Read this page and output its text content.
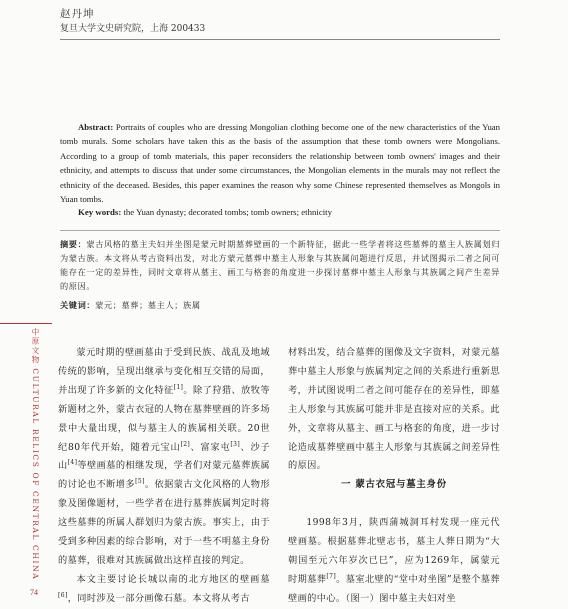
赵丹坤
复旦大学文史研究院，上海 200433

Abstract: Portraits of couples who are dressing Mongolian clothing become one of the new characteristics of the Yuan tomb murals. Some scholars have taken this as the basis of the assumption that these tomb owners were Mongolians. According to a group of tomb materials, this paper reconsiders the relationship between tomb owners' images and their ethnicity, and attempts to discuss that under some circumstances, the Mongolian elements in the murals may not reflect the ethnicity of the deceased. Besides, this paper examines the reason why some Chinese represented themselves as Mongols in Yuan tombs.

Key words: the Yuan dynasty; decorated tombs; tomb owners; ethnicity
摘要：蒙古风格的墓主夫妇并坐图是蒙元时期墓葬壁画的一个新特征，据此一些学者将这些墓葬的墓主人族属划归为蒙古族。本文将从考古资料出发，对北方蒙元墓葬中墓主人形象与其族属问题进行反思，并试图揭示二者之间可能存在一定的差异性，同时文章将从墓主、画工与格套的角度进一步探讨墓葬中墓主人形象与其族属之间产生差异的原因。
关键词：蒙元；墓葬；墓主人；族属
中原文物 CULTURAL RELICS OF CENTRAL CHINA
74

蒙元时期的壁画墓由于受到民族、战乱及地域传统的影响，呈现出继承与变化相互交错的局面，并出现了许多新的文化特征[1]。除了狩猎、放牧等新题材之外，蒙古衣冠的人物在墓葬壁画的许多场景中大量出现，似与墓主人的族属相关联。20世纪80年代开始，随着元宝山[2]、富家屯[3]、沙子山[4]等壁画墓的相继发现，学者们对蒙元墓葬族属的讨论也不断增多[5]。依据蒙古文化风格的人物形象及图像题材，一些学者在进行墓葬族属判定时将这些墓葬的所属人群划归为蒙古族。事实上，由于受到多种因素的综合影响，对于一些不明墓主身份的墓葬，很难对其族属做出这样直接的判定。

本文主要讨论长城以南的北方地区的壁画墓[6]，同时涉及一部分画像石墓。本文将从考古

材料出发，结合墓葬的图像及文字资料，对蒙元墓葬中墓主人形象与族属判定之间的关系进行重新思考，并试图说明二者之间可能存在的差异性，即墓主人形象与其族属可能并非是直接对应的关系。此外，文章将从墓主、画工与格套的角度，进一步讨论造成墓葬壁画中墓主人形象与其族属之间差异性的原因。

一 蒙古衣冠与墓主身份

1998年3月，陕西蒲城洞耳村发现一座元代壁画墓。根据墓葬北壁志书，墓主人葬日期为“大朝国至元六年岁次已巳”，应为1269年，属蒙元时期墓葬[7]。墓室北壁的“堂中对坐图”是整个墓葬壁画的中心。（图一）图中墓主夫妇对坐
